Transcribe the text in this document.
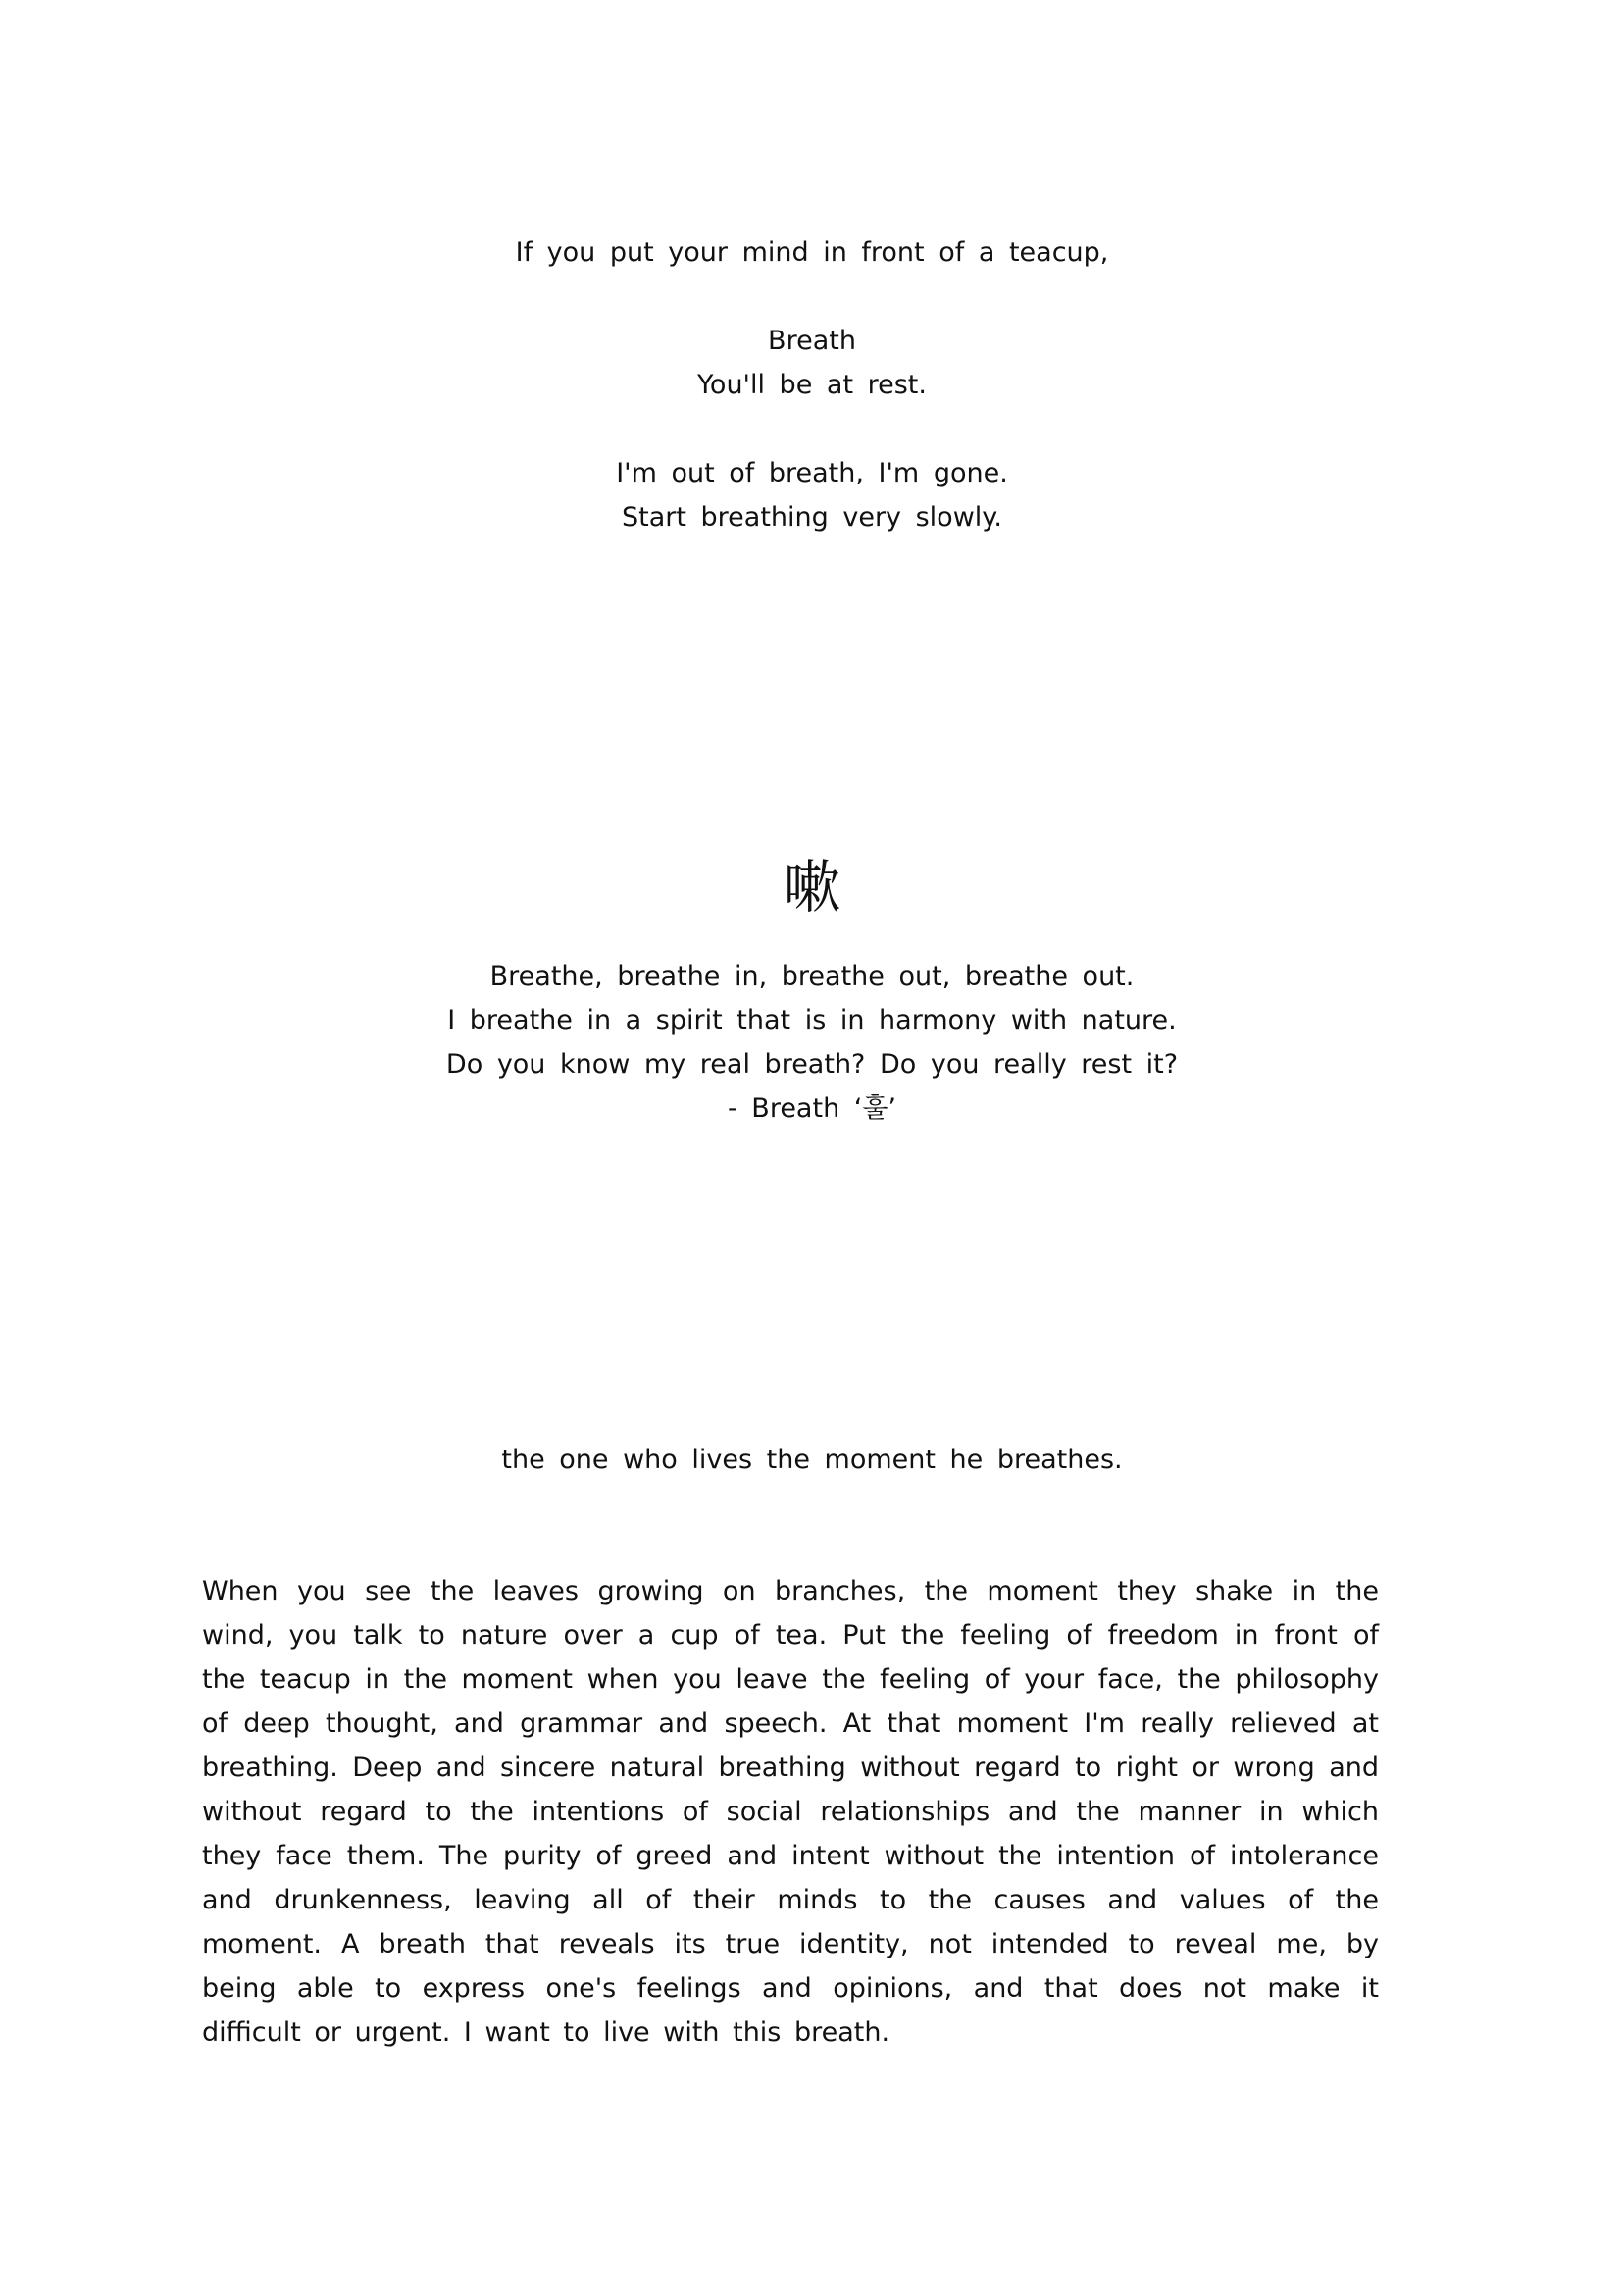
If you put your mind in front of a teacup,
Breath
You'll be at rest.
I'm out of breath, I'm gone.
Start breathing very slowly.
嗽
Breathe, breathe in, breathe out, breathe out.
I breathe in a spirit that is in harmony with nature.
Do you know my real breath? Do you really rest it?
- Breath ‘훌’
the one who lives the moment he breathes.
When you see the leaves growing on branches, the moment they shake in the wind, you talk to nature over a cup of tea. Put the feeling of freedom in front of the teacup in the moment when you leave the feeling of your face, the philosophy of deep thought, and grammar and speech. At that moment I'm really relieved at breathing. Deep and sincere natural breathing without regard to right or wrong and without regard to the intentions of social relationships and the manner in which they face them. The purity of greed and intent without the intention of intolerance and drunkenness, leaving all of their minds to the causes and values of the moment. A breath that reveals its true identity, not intended to reveal me, by being able to express one's feelings and opinions, and that does not make it difficult or urgent. I want to live with this breath.
